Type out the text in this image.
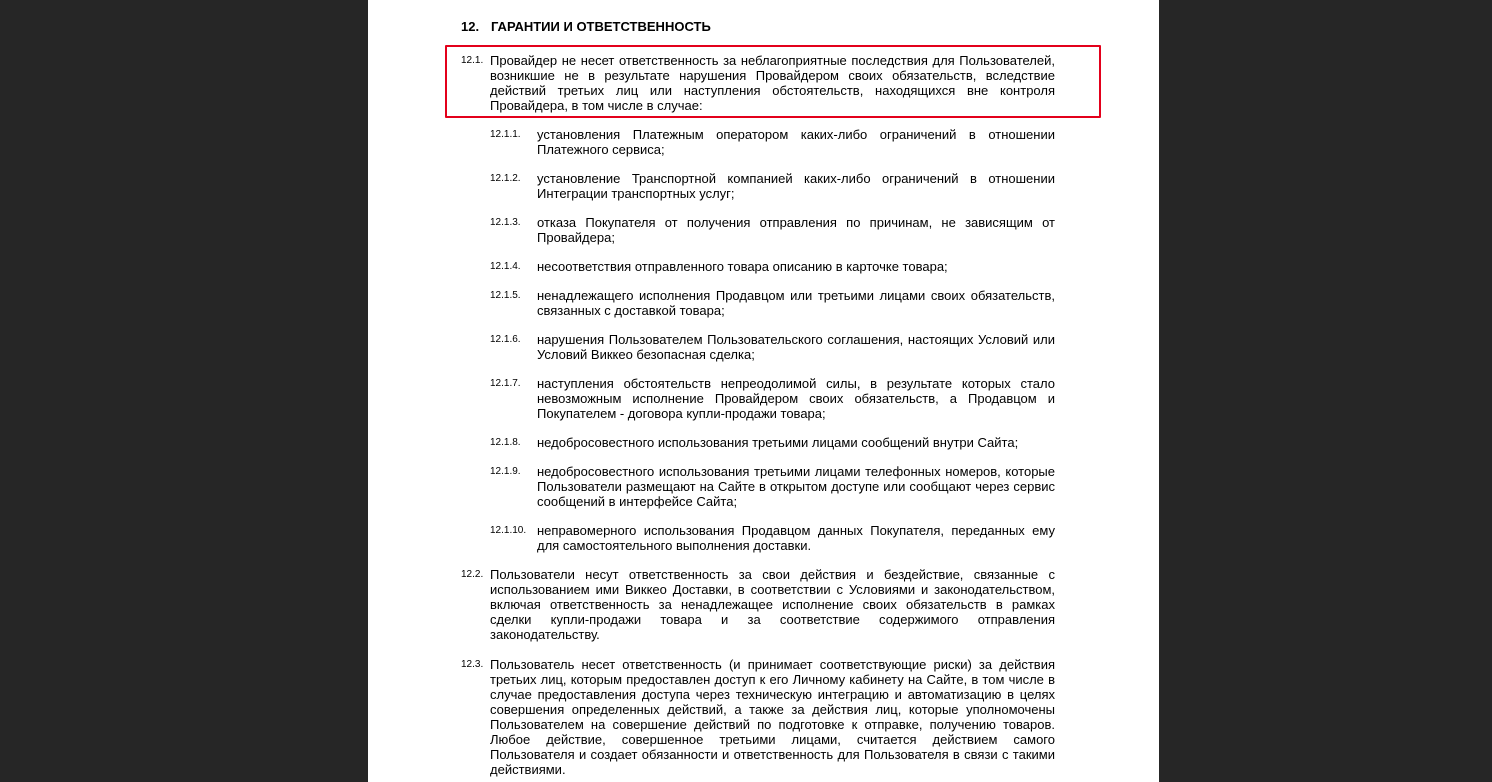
12. ГАРАНТИИ И ОТВЕТСТВЕННОСТЬ
12.1. Провайдер не несет ответственность за неблагоприятные последствия для Пользователей, возникшие не в результате нарушения Провайдером своих обязательств, вследствие действий третьих лиц или наступления обстоятельств, находящихся вне контроля Провайдера, в том числе в случае:
12.1.1. установления Платежным оператором каких-либо ограничений в отношении Платежного сервиса;
12.1.2. установление Транспортной компанией каких-либо ограничений в отношении Интеграции транспортных услуг;
12.1.3. отказа Покупателя от получения отправления по причинам, не зависящим от Провайдера;
12.1.4. несоответствия отправленного товара описанию в карточке товара;
12.1.5. ненадлежащего исполнения Продавцом или третьими лицами своих обязательств, связанных с доставкой товара;
12.1.6. нарушения Пользователем Пользовательского соглашения, настоящих Условий или Условий Виккео безопасная сделка;
12.1.7. наступления обстоятельств непреодолимой силы, в результате которых стало невозможным исполнение Провайдером своих обязательств, а Продавцом и Покупателем - договора купли-продажи товара;
12.1.8. недобросовестного использования третьими лицами сообщений внутри Сайта;
12.1.9. недобросовестного использования третьими лицами телефонных номеров, которые Пользователи размещают на Сайте в открытом доступе или сообщают через сервис сообщений в интерфейсе Сайта;
12.1.10. неправомерного использования Продавцом данных Покупателя, переданных ему для самостоятельного выполнения доставки.
12.2. Пользователи несут ответственность за свои действия и бездействие, связанные с использованием ими Виккео Доставки, в соответствии с Условиями и законодательством, включая ответственность за ненадлежащее исполнение своих обязательств в рамках сделки купли-продажи товара и за соответствие содержимого отправления законодательству.
12.3. Пользователь несет ответственность (и принимает соответствующие риски) за действия третьих лиц, которым предоставлен доступ к его Личному кабинету на Сайте, в том числе в случае предоставления доступа через техническую интеграцию и автоматизацию в целях совершения определенных действий, а также за действия лиц, которые уполномочены Пользователем на совершение действий по подготовке к отправке, получению товаров. Любое действие, совершенное третьими лицами, считается действием самого Пользователя и создает обязанности и ответственность для Пользователя в связи с такими действиями.
